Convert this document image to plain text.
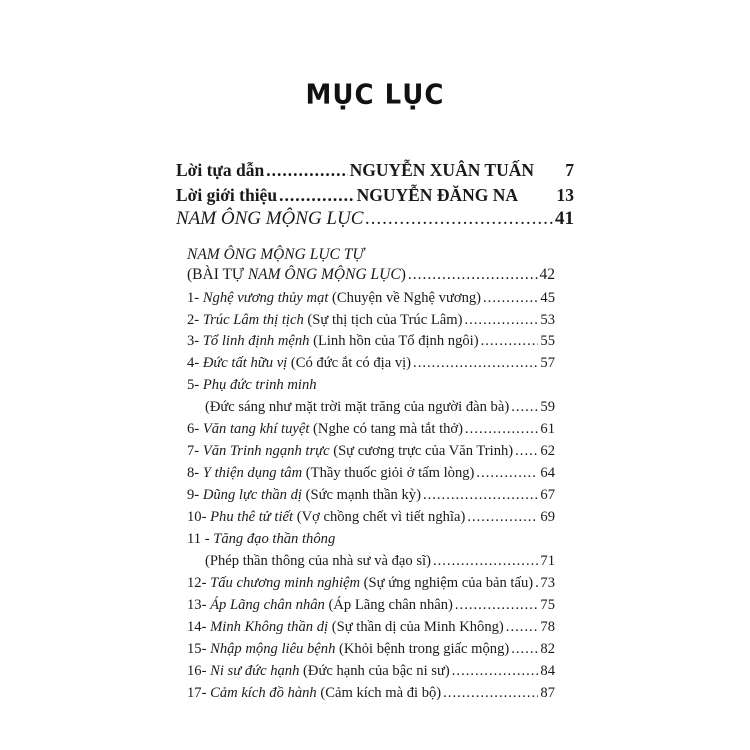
MỤC LỤC
Lời tựa dẫn .....	NGUYỄN XUÂN TUẤN	7
Lời giới thiệu .....	NGUYỄN ĐĂNG NA	13
NAM ÔNG MỘNG LỤC .....	41
NAM ÔNG MỘNG LỤC TỰ
(BÀI TỰ NAM ÔNG MỘNG LỤC) .....	42
1- Nghệ vương thủy mạt (Chuyện về Nghệ vương) .....	45
2- Trúc Lâm thị tịch (Sự thị tịch của Trúc Lâm) .....	53
3- Tổ linh định mệnh (Linh hồn của Tổ định ngôi) .....	55
4- Đức tất hữu vị (Có đức ắt có địa vị) .....	57
5- Phụ đức trinh minh
(Đức sáng như mặt trời mặt trăng của người đàn bà) ..... 59
6- Văn tang khí tuyệt (Nghe có tang mà tắt thở) .....	61
7- Văn Trinh ngạnh trực (Sự cương trực của Văn Trinh) ..... 62
8- Y thiện dụng tâm (Thầy thuốc giỏi ở tấm lòng) .....	64
9- Dũng lực thần dị (Sức mạnh thần kỳ) .....	67
10- Phu thê tử tiết (Vợ chồng chết vì tiết nghĩa) .....	69
11 - Tăng đạo thần thông
(Phép thần thông của nhà sư và đạo sĩ) .....	71
12- Tấu chương minh nghiệm (Sự ứng nghiệm của bản tấu) ..... 73
13- Áp Lãng chân nhân (Áp Lãng chân nhân) .....	75
14- Minh Không thần dị (Sự thần dị của Minh Không) .....	78
15- Nhập mộng liêu bệnh (Khỏi bệnh trong giấc mộng) ..... 82
16- Ni sư đức hạnh (Đức hạnh của bậc ni sư) .....	84
17- Cảm kích đồ hành (Cảm kích mà đi bộ) .....	87
